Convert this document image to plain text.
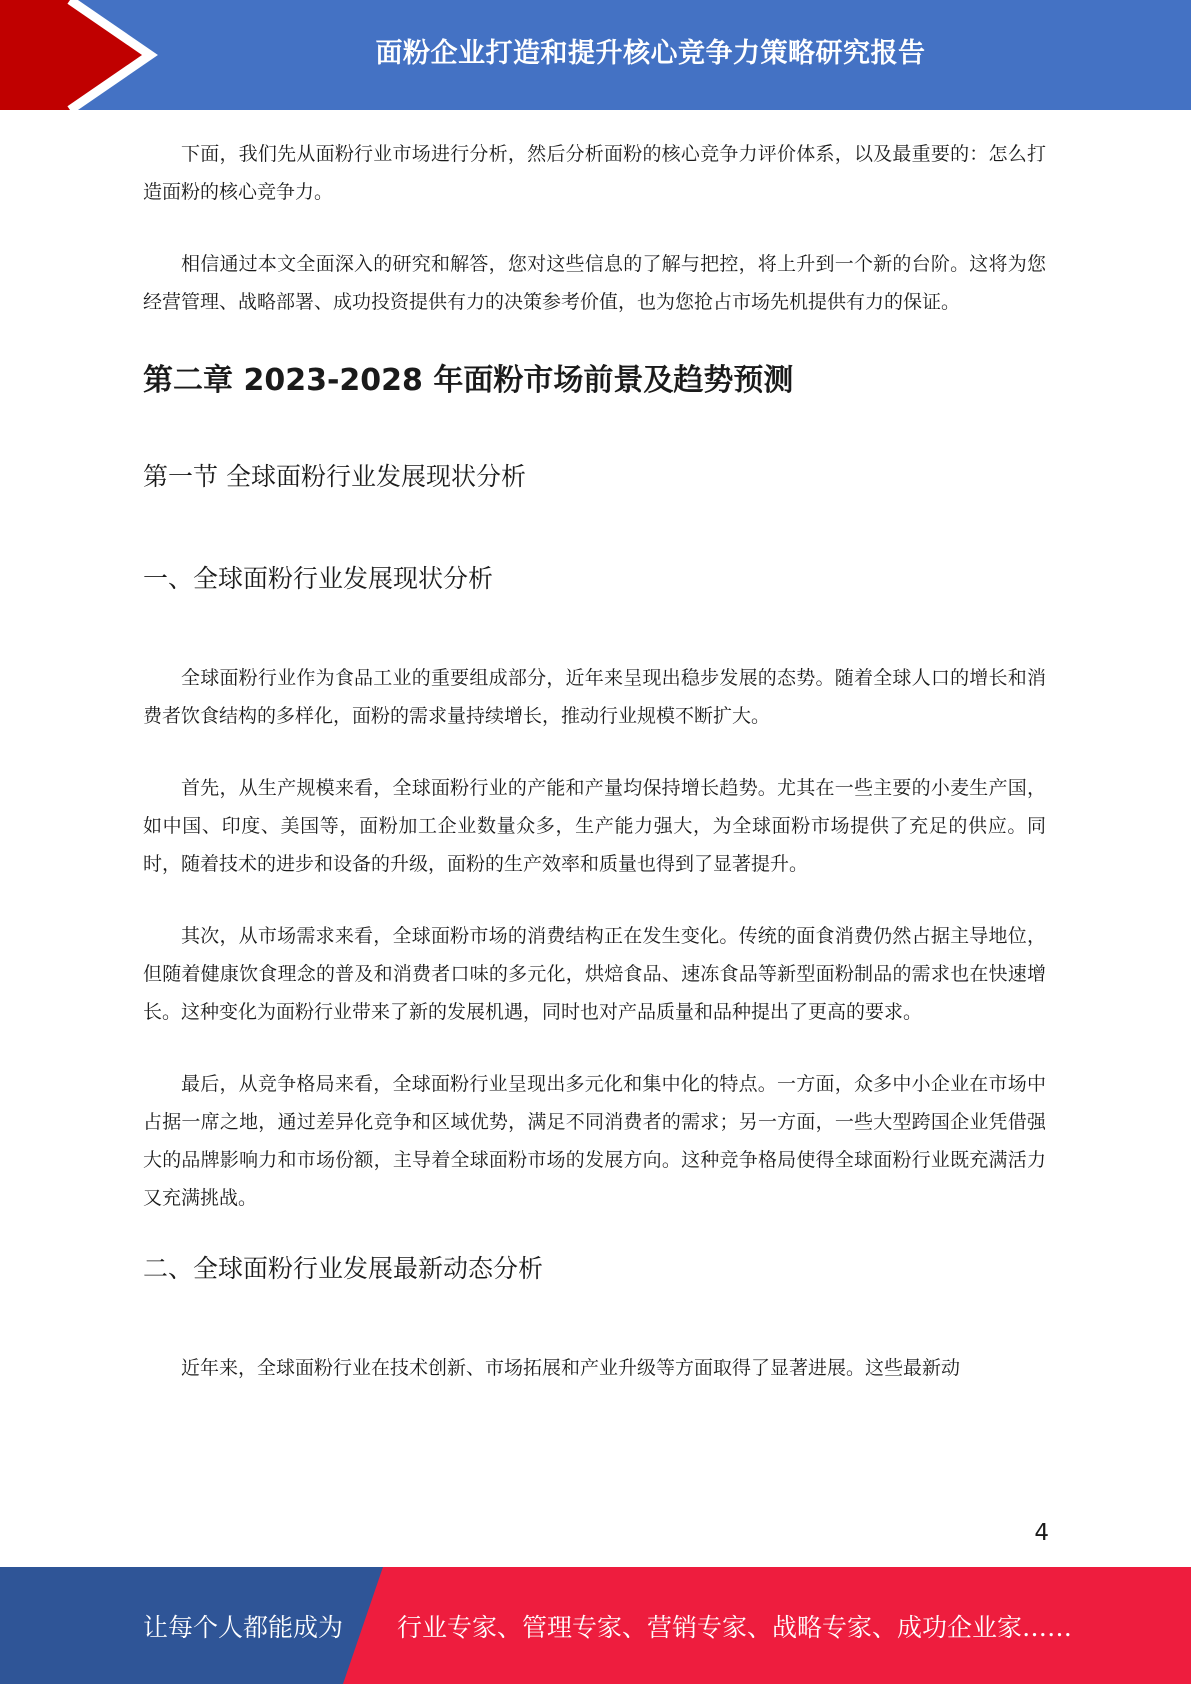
面粉企业打造和提升核心竞争力策略研究报告

下面，我们先从面粉行业市场进行分析，然后分析面粉的核心竞争力评价体系，以及最重要的：怎么打造面粉的核心竞争力。

相信通过本文全面深入的研究和解答，您对这些信息的了解与把控，将上升到一个新的台阶。这将为您经营管理、战略部署、成功投资提供有力的决策参考价值，也为您抢占市场先机提供有力的保证。

第二章 2023-2028 年面粉市场前景及趋势预测
第一节 全球面粉行业发展现状分析
一、全球面粉行业发展现状分析

全球面粉行业作为食品工业的重要组成部分，近年来呈现出稳步发展的态势。随着全球人口的增长和消费者饮食结构的多样化，面粉的需求量持续增长，推动行业规模不断扩大。

首先，从生产规模来看，全球面粉行业的产能和产量均保持增长趋势。尤其在一些主要的小麦生产国，如中国、印度、美国等，面粉加工企业数量众多，生产能力强大，为全球面粉市场提供了充足的供应。同时，随着技术的进步和设备的升级，面粉的生产效率和质量也得到了显著提升。

其次，从市场需求来看，全球面粉市场的消费结构正在发生变化。传统的面食消费仍然占据主导地位，但随着健康饮食理念的普及和消费者口味的多元化，烘焙食品、速冻食品等新型面粉制品的需求也在快速增长。这种变化为面粉行业带来了新的发展机遇，同时也对产品质量和品种提出了更高的要求。

最后，从竞争格局来看，全球面粉行业呈现出多元化和集中化的特点。一方面，众多中小企业在市场中占据一席之地，通过差异化竞争和区域优势，满足不同消费者的需求；另一方面，一些大型跨国企业凭借强大的品牌影响力和市场份额，主导着全球面粉市场的发展方向。这种竞争格局使得全球面粉行业既充满活力又充满挑战。

二、全球面粉行业发展最新动态分析

近年来，全球面粉行业在技术创新、市场拓展和产业升级等方面取得了显著进展。这些最新动

4
让每个人都能成为 行业专家、管理专家、营销专家、战略专家、成功企业家……
